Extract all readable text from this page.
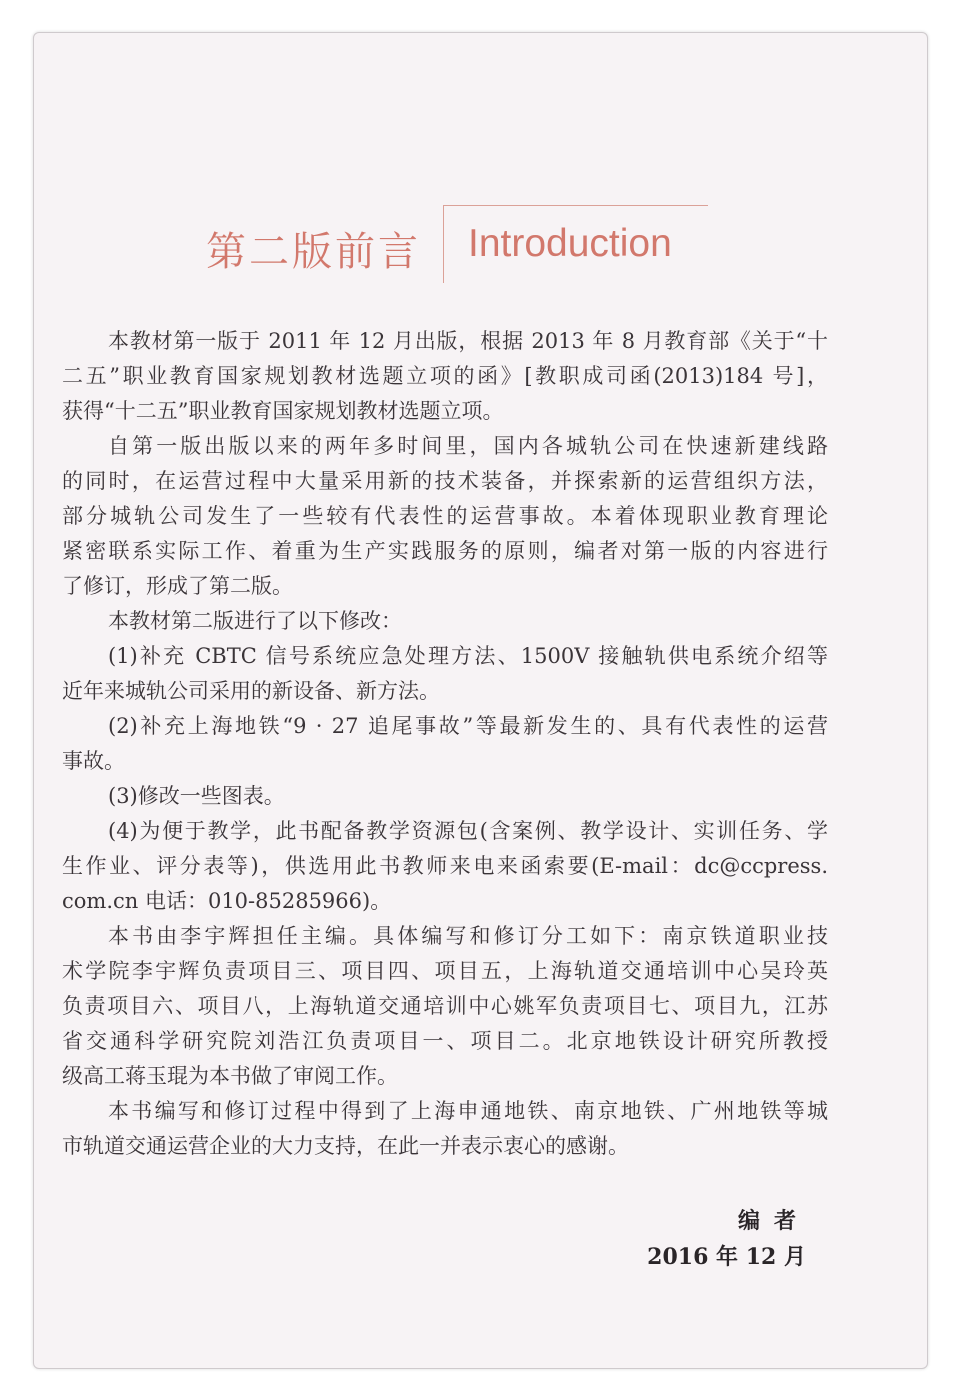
第二版前言 Introduction
本教材第一版于 2011 年 12 月出版，根据 2013 年 8 月教育部《关于“十
二五”职业教育国家规划教材选题立项的函》[教职成司函(2013)184 号]，
获得“十二五”职业教育国家规划教材选题立项。
自第一版出版以来的两年多时间里，国内各城轨公司在快速新建线路
的同时，在运营过程中大量采用新的技术装备，并探索新的运营组织方法，
部分城轨公司发生了一些较有代表性的运营事故。本着体现职业教育理论
紧密联系实际工作、着重为生产实践服务的原则，编者对第一版的内容进行
了修订，形成了第二版。
本教材第二版进行了以下修改：
(1)补充 CBTC 信号系统应急处理方法、1500V 接触轨供电系统介绍等
近年来城轨公司采用的新设备、新方法。
(2)补充上海地铁“9 · 27 追尾事故”等最新发生的、具有代表性的运营
事故。
(3)修改一些图表。
(4)为便于教学，此书配备教学资源包(含案例、教学设计、实训任务、学
生作业、评分表等)，供选用此书教师来电来函索要(E-mail：dc@ccpress.
com.cn 电话：010-85285966)。
本书由李宇辉担任主编。具体编写和修订分工如下：南京铁道职业技
术学院李宇辉负责项目三、项目四、项目五，上海轨道交通培训中心吴玲英
负责项目六、项目八，上海轨道交通培训中心姚军负责项目七、项目九，江苏
省交通科学研究院刘浩江负责项目一、项目二。北京地铁设计研究所教授
级高工蒋玉琨为本书做了审阅工作。
本书编写和修订过程中得到了上海申通地铁、南京地铁、广州地铁等城
市轨道交通运营企业的大力支持，在此一并表示衷心的感谢。
编者
2016 年 12 月
